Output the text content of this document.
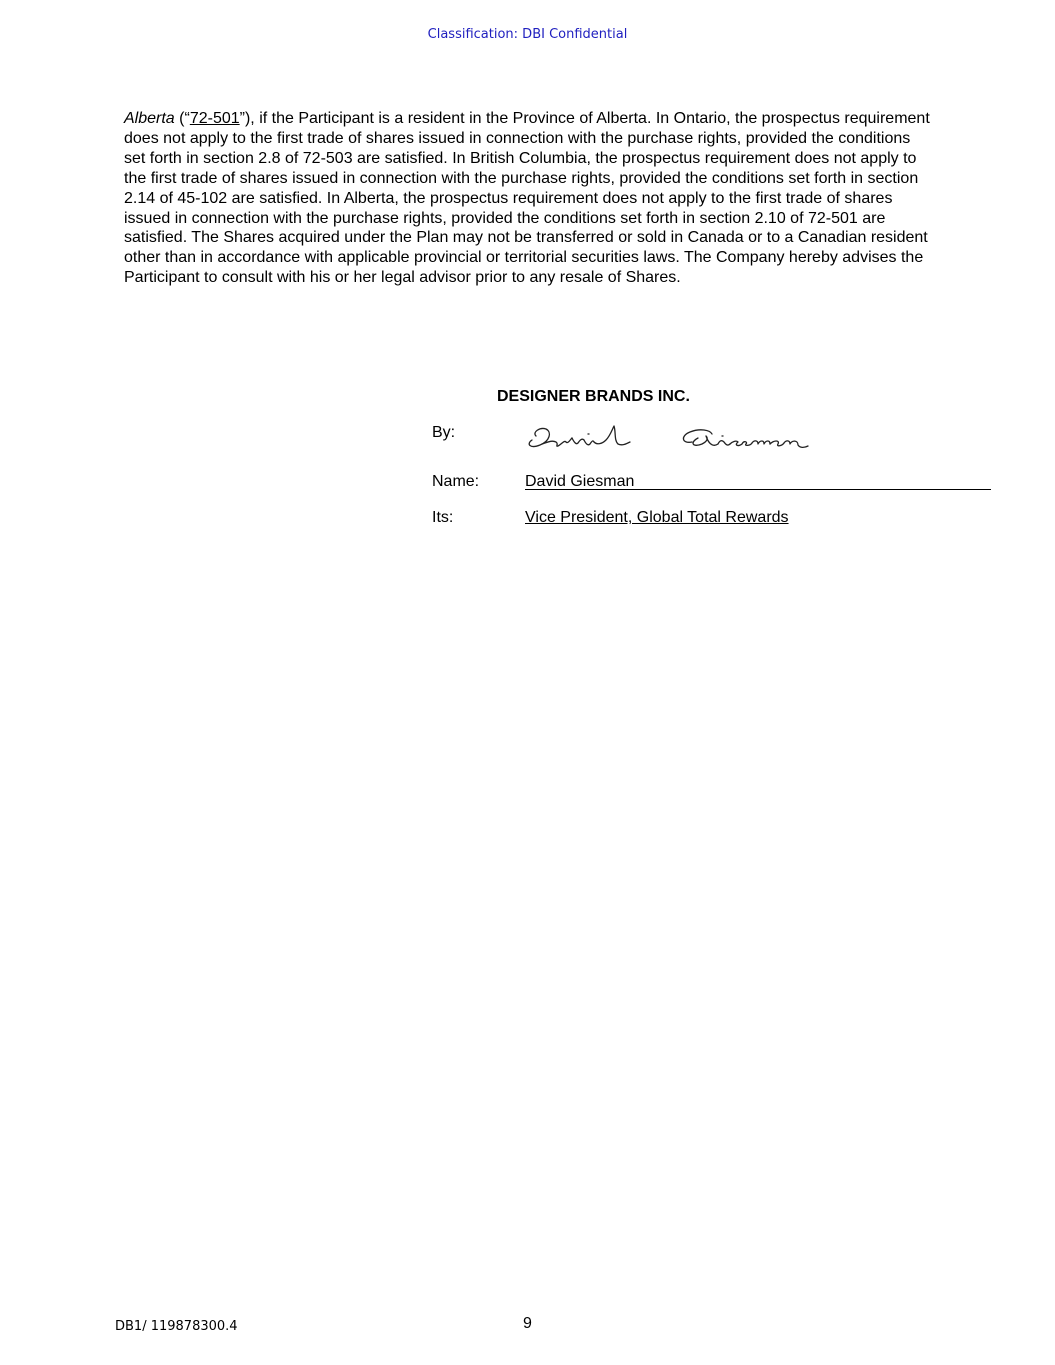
Classification: DBI Confidential

Alberta (“72-501”), if the Participant is a resident in the Province of Alberta. In Ontario, the prospectus requirement does not apply to the first trade of shares issued in connection with the purchase rights, provided the conditions set forth in section 2.8 of 72-503 are satisfied. In British Columbia, the prospectus requirement does not apply to the first trade of shares issued in connection with the purchase rights, provided the conditions set forth in section 2.14 of 45-102 are satisfied. In Alberta, the prospectus requirement does not apply to the first trade of shares issued in connection with the purchase rights, provided the conditions set forth in section 2.10 of 72-501 are satisfied. The Shares acquired under the Plan may not be transferred or sold in Canada or to a Canadian resident other than in accordance with applicable provincial or territorial securities laws. The Company hereby advises the Participant to consult with his or her legal advisor prior to any resale of Shares.

DESIGNER BRANDS INC.
By:
Name:	David Giesman
Its:	Vice President, Global Total Rewards
DB1/ 119878300.4	9
